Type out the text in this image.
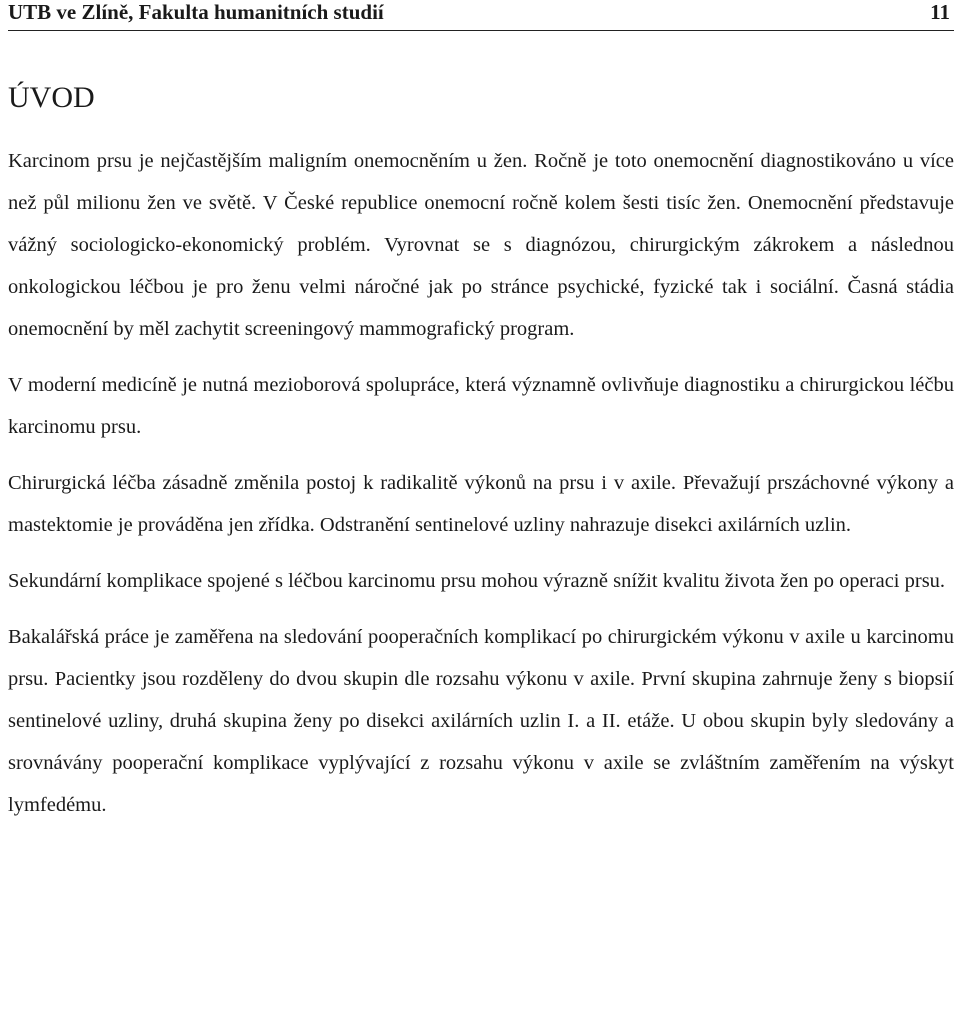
UTB ve Zlíně, Fakulta humanitních studií	11
ÚVOD

Karcinom prsu je nejčastějším maligním onemocněním u žen. Ročně je toto onemocnění diagnostikováno u více než půl milionu žen ve světě. V České republice onemocní ročně kolem šesti tisíc žen. Onemocnění představuje vážný sociologicko-ekonomický problém. Vyrovnat se s diagnózou, chirurgickým zákrokem a následnou onkologickou léčbou je pro ženu velmi náročné jak po stránce psychické, fyzické tak i sociální. Časná stádia onemocnění by měl zachytit screeningový mammografický program.

V moderní medicíně je nutná mezioborová spolupráce, která významně ovlivňuje diagnostiku a chirurgickou léčbu karcinomu prsu.

Chirurgická léčba zásadně změnila postoj k radikalitě výkonů na prsu i v axile. Převažují prszáchovné výkony a mastektomie je prováděna jen zřídka. Odstranění sentinelové uzliny nahrazuje disekci axilárních uzlin.

Sekundární komplikace spojené s léčbou karcinomu prsu mohou výrazně snížit kvalitu života žen po operaci prsu.

Bakalářská práce je zaměřena na sledování pooperačních komplikací po chirurgickém výkonu v axile u karcinomu prsu. Pacientky jsou rozděleny do dvou skupin dle rozsahu výkonu v axile. První skupina zahrnuje ženy s biopsií sentinelové uzliny, druhá skupina ženy po disekci axilárních uzlin I. a II. etáže. U obou skupin byly sledovány a srovnávány pooperační komplikace vyplývající z rozsahu výkonu v axile se zvláštním zaměřením na výskyt lymfedému.
